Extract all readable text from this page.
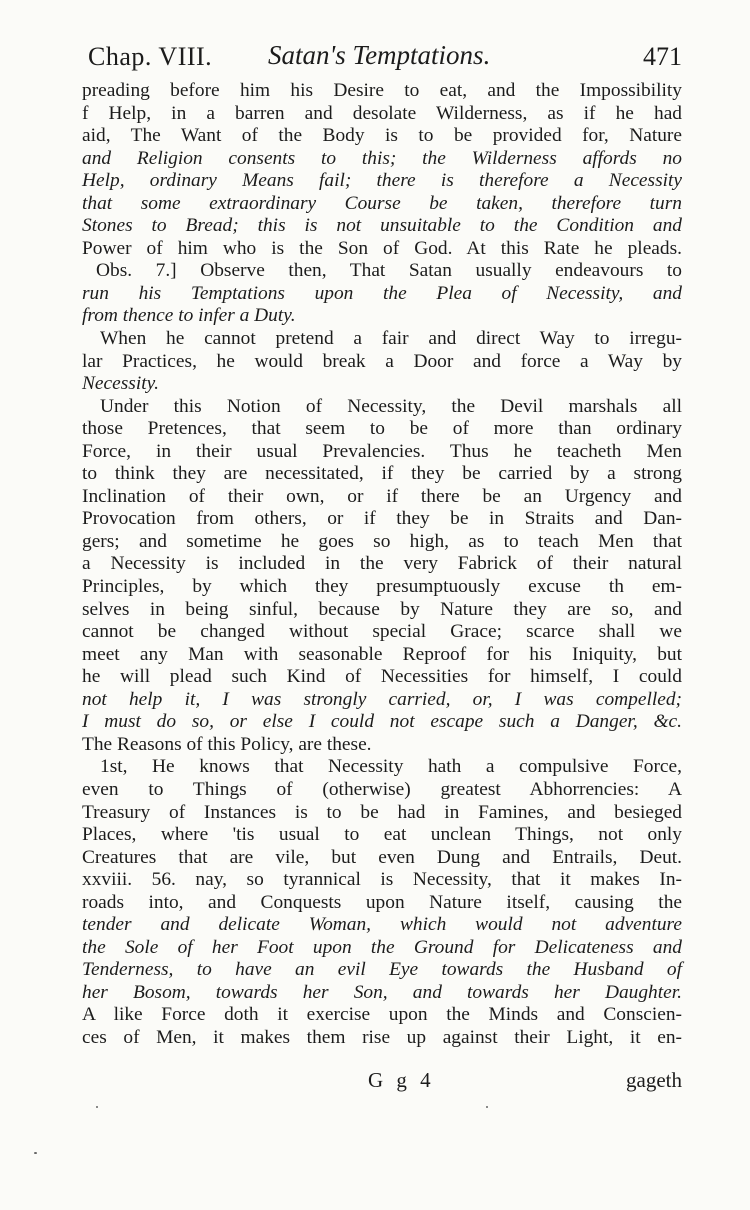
Chap. VIII. Satan's Temptations.	471
preading before him his Desire to eat, and the Impossibility
f Help, in a barren and desolate Wilderness, as if he had
aid, The Want of the Body is to be provided for, Nature
and Religion consents to this; the Wilderness affords no
Help, ordinary Means fail; there is therefore a Necessity
that some extraordinary Course be taken, therefore turn
Stones to Bread; this is not unsuitable to the Condition and
Power of him who is the Son of God. At this Rate he pleads.
Obs. 7.] Observe then, That Satan usually endeavours to
run his Temptations upon the Plea of Necessity, and
from thence to infer a Duty.
When he cannot pretend a fair and direct Way to irregu-
lar Practices, he would break a Door and force a Way by
Necessity.
Under this Notion of Necessity, the Devil marshals all
those Pretences, that seem to be of more than ordinary
Force, in their usual Prevalencies. Thus he teacheth Men
to think they are necessitated, if they be carried by a strong
Inclination of their own, or if there be an Urgency and
Provocation from others, or if they be in Straits and Dan-
gers; and sometime he goes so high, as to teach Men that
a Necessity is included in the very Fabrick of their natural
Principles, by which they presumptuously excuse th em-
selves in being sinful, because by Nature they are so, and
cannot be changed without special Grace; scarce shall we
meet any Man with seasonable Reproof for his Iniquity, but
he will plead such Kind of Necessities for himself, I could
not help it, I was strongly carried, or, I was compelled;
I must do so, or else I could not escape such a Danger, &c.
The Reasons of this Policy, are these.
1st, He knows that Necessity hath a compulsive Force,
even to Things of (otherwise) greatest Abhorrencies: A
Treasury of Instances is to be had in Famines, and besieged
Places, where 'tis usual to eat unclean Things, not only
Creatures that are vile, but even Dung and Entrails, Deut.
xxviii. 56. nay, so tyrannical is Necessity, that it makes In-
roads into, and Conquests upon Nature itself, causing the
tender and delicate Woman, which would not adventure
the Sole of her Foot upon the Ground for Delicateness and
Tenderness, to have an evil Eye towards the Husband of
her Bosom, towards her Son, and towards her Daughter.
A like Force doth it exercise upon the Minds and Conscien-
ces of Men, it makes them rise up against their Light, it en-
G g 4	gageth
